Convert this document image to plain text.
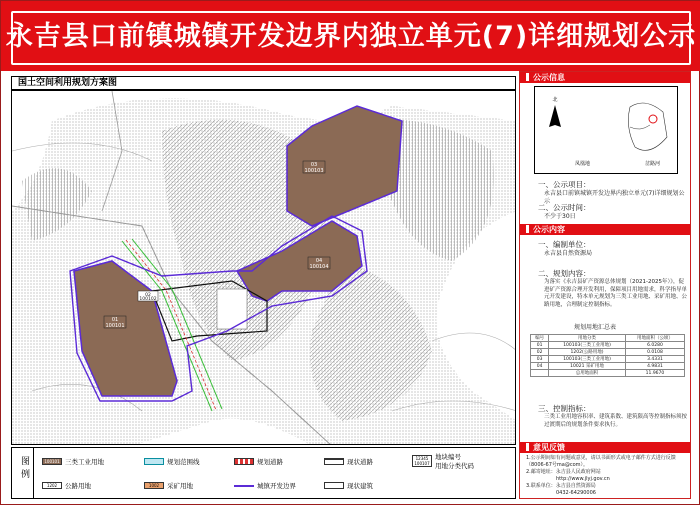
永吉县口前镇城镇开发边界内独立单元(7)详细规划公示
国土空间利用规划方案图
03
100103
04
100104
01
100101
02
100102
图例
100101 三类工业用地	规划范围线	规划道路	现状道路	12345
100107
地块编号
用地分类代码
1202	公路用地	1002	采矿用地	城镇开发边界	现状建筑
公示信息
北
凤凰地	岔路河
一、公示项目：
永吉县口前镇城镇开发边界内独立单元(7)详细规划公示
二、公示时间：
不少于30日
公示内容
一、编制单位：
永吉县自然资源局
二、规划内容：
为落实《永吉县矿产资源总体规划（2021-2025年）》，促进矿产资源合理开发利用，保障项目用地需求，科学指导单元开发建设，特本单元规划为三类工业用地、采矿用地、公路用地，合理制定控制指标。
规划用地汇总表
编号	用地分类	用地面积（公顷）
01	100103(三类工业用地)	6.0280
02	1202(公路用地)	0.0108
03	100103(三类工业用地)	3.4331
04	10021 采矿用地	4.9831
	总用地面积	11.9670
三、控制指标：
三类工业用地容积率、建筑系数、建筑限高等控制指标须按过渡期后的规划条件要求执行。
意见反馈
1.公示期间如有问题或意见，请以书面形式或电子邮件方式进行反馈（8006-67号ma@com）。
2.邮寄地址：永吉县人民政府网站
http://www.jlyj.gov.cn
3.联系单位：永吉县自然资源局
0432-64290006
